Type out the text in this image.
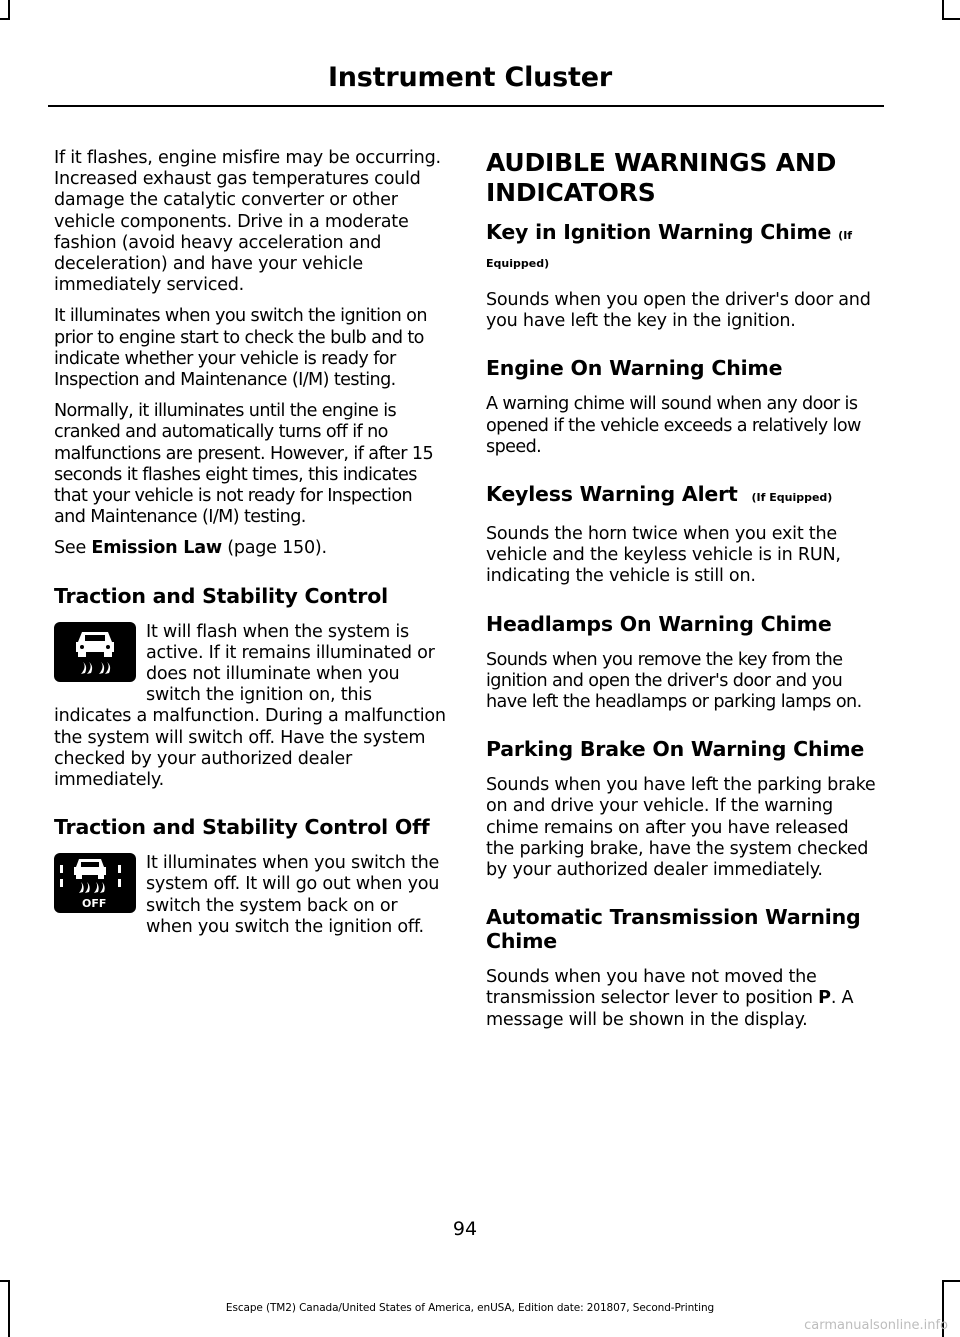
Instrument Cluster

If it flashes, engine misfire may be occurring. Increased exhaust gas temperatures could damage the catalytic converter or other vehicle components. Drive in a moderate fashion (avoid heavy acceleration and deceleration) and have your vehicle immediately serviced.

It illuminates when you switch the ignition on prior to engine start to check the bulb and to indicate whether your vehicle is ready for Inspection and Maintenance (I/M) testing.

Normally, it illuminates until the engine is cranked and automatically turns off if no malfunctions are present. However, if after 15 seconds it flashes eight times, this indicates that your vehicle is not ready for Inspection and Maintenance (I/M) testing.

See Emission Law (page 150).

Traction and Stability Control

It will flash when the system is active. If it remains illuminated or does not illuminate when you switch the ignition on, this indicates a malfunction. During a malfunction the system will switch off. Have the system checked by your authorized dealer immediately.

Traction and Stability Control Off
OFF

It illuminates when you switch the system off. It will go out when you switch the system back on or when you switch the ignition off.

AUDIBLE WARNINGS AND INDICATORS
Key in Ignition Warning Chime (If Equipped)

Sounds when you open the driver's door and you have left the key in the ignition.

Engine On Warning Chime

A warning chime will sound when any door is opened if the vehicle exceeds a relatively low speed.

Keyless Warning Alert (If Equipped)

Sounds the horn twice when you exit the vehicle and the keyless vehicle is in RUN, indicating the vehicle is still on.

Headlamps On Warning Chime

Sounds when you remove the key from the ignition and open the driver's door and you have left the headlamps or parking lamps on.

Parking Brake On Warning Chime

Sounds when you have left the parking brake on and drive your vehicle. If the warning chime remains on after you have released the parking brake, have the system checked by your authorized dealer immediately.

Automatic Transmission Warning Chime

Sounds when you have not moved the transmission selector lever to position P. A message will be shown in the display.

94
Escape (TM2) Canada/United States of America, enUSA, Edition date: 201807, Second-Printing
carmanualsonline.info
